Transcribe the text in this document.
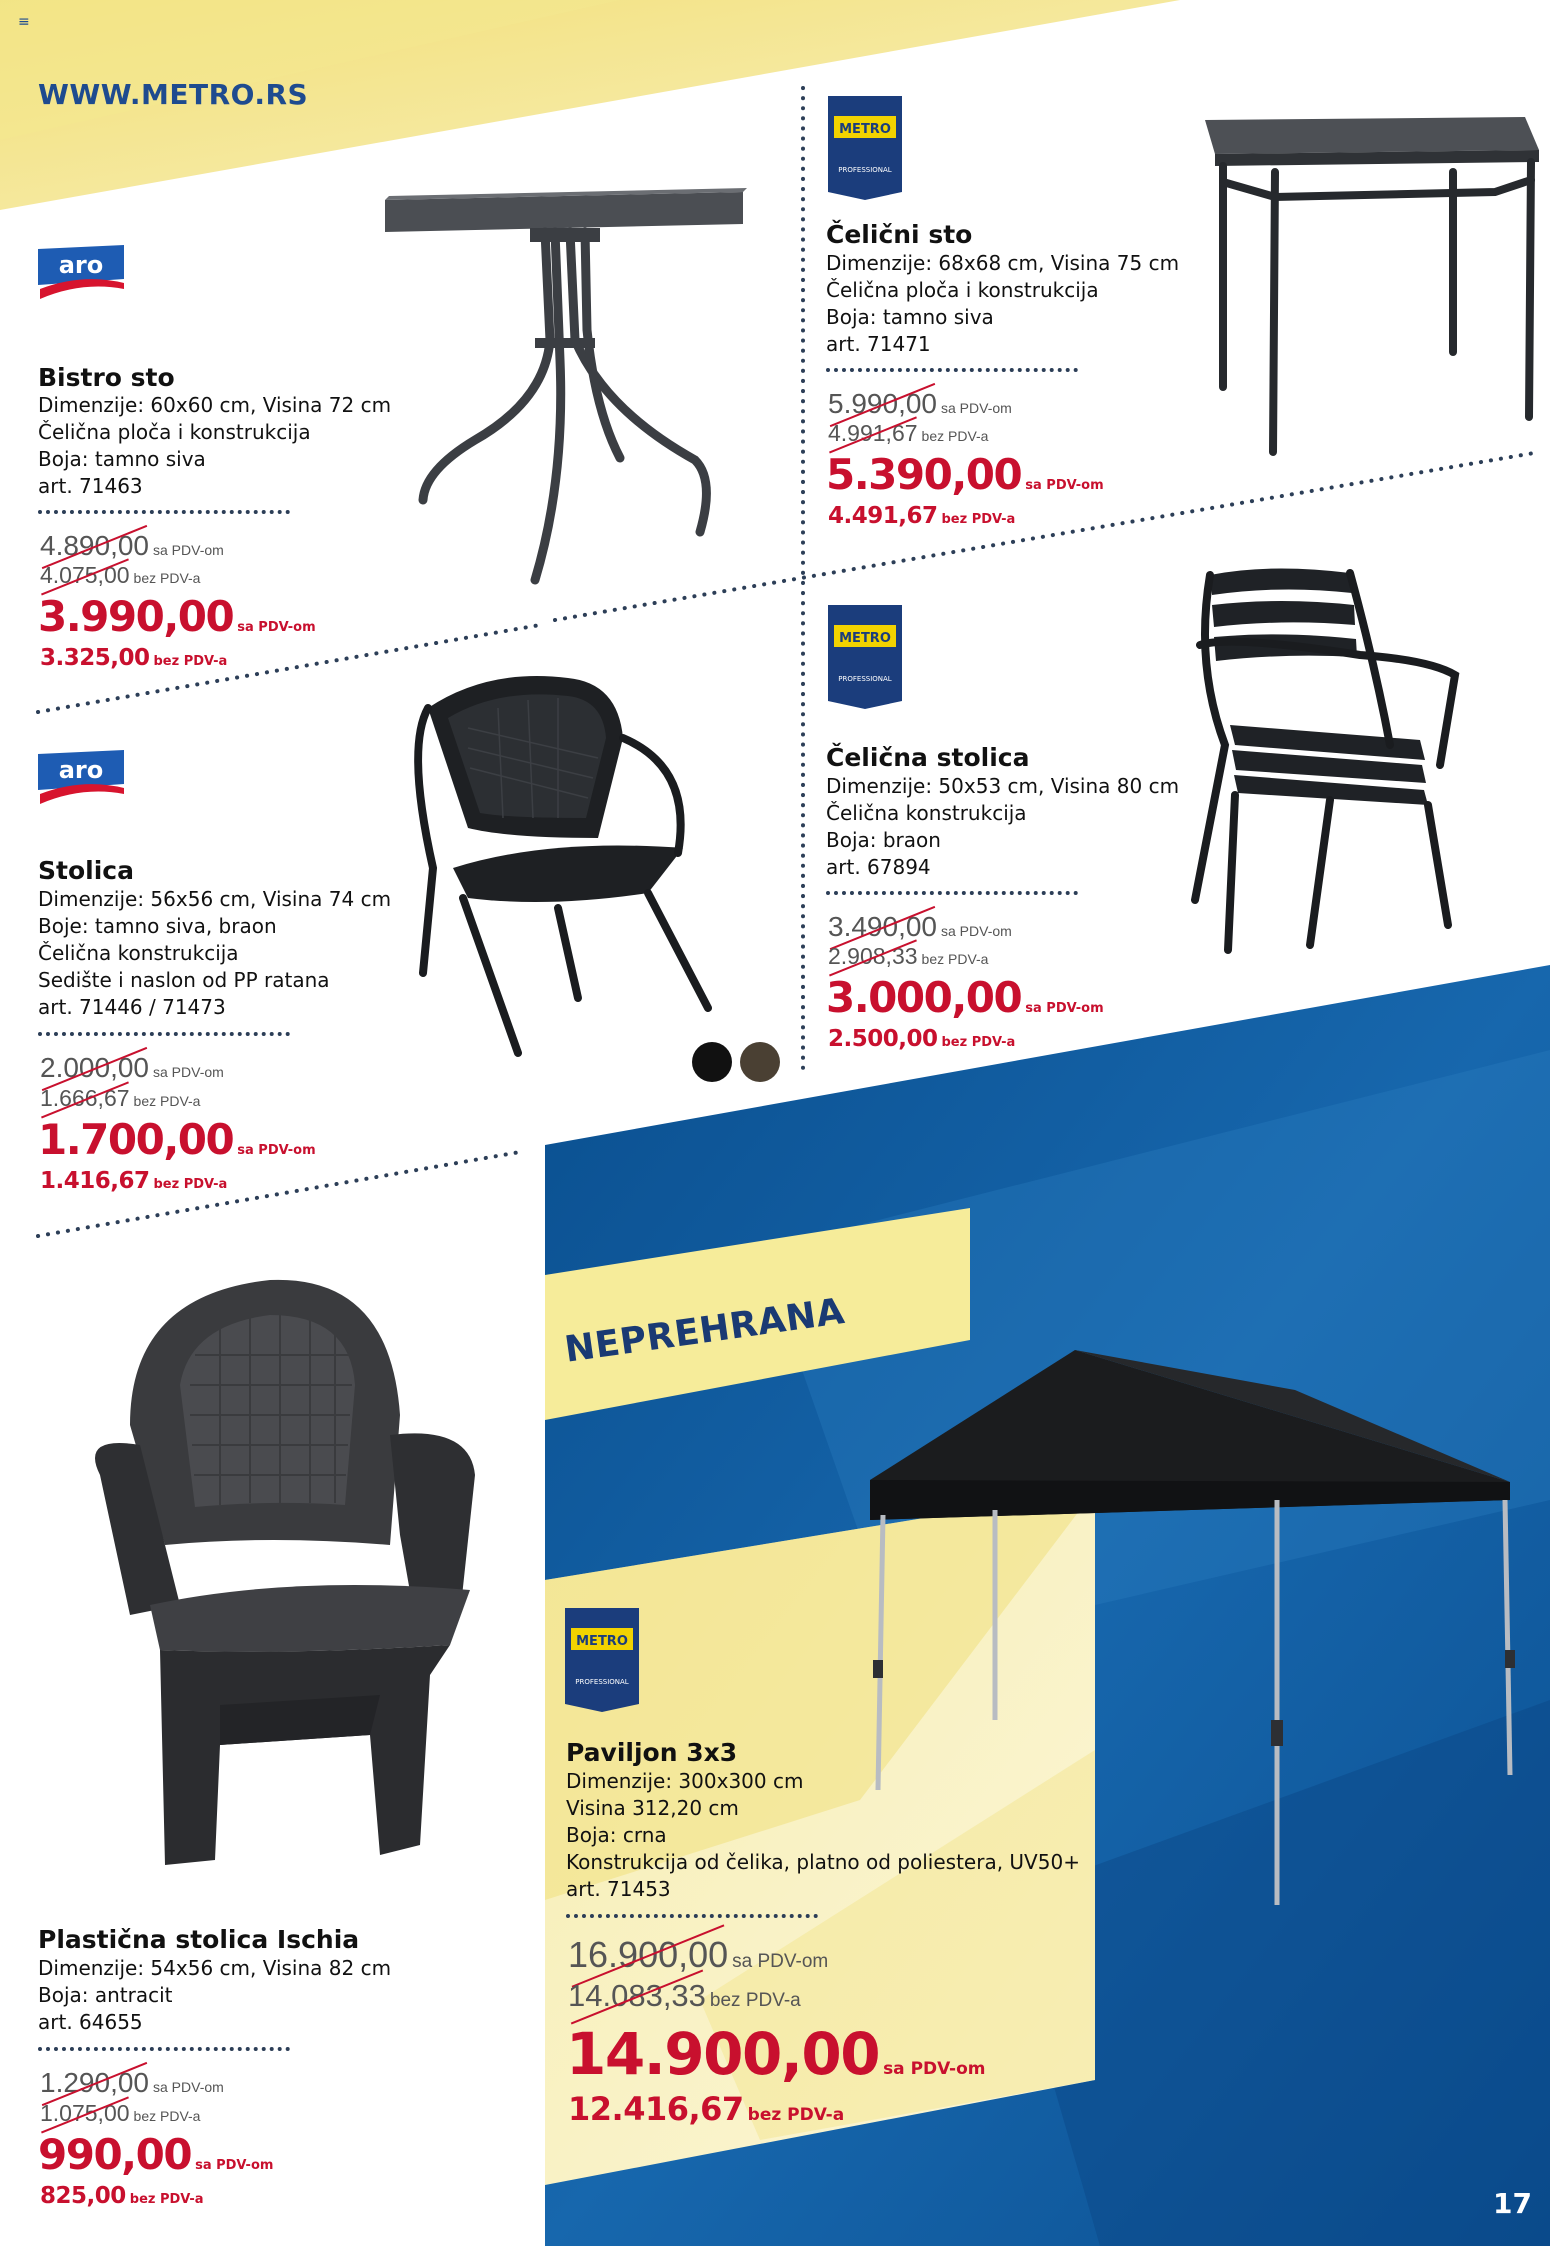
≡
WWW.METRO.RS
aro
Bistro sto
Dimenzije: 60x60 cm, Visina 72 cm
Čelična ploča i konstrukcija
Boja: tamno siva
art. 71463
4.890,00 sa PDV-om
4.075,00 bez PDV-a
3.990,00 sa PDV-om
3.325,00 bez PDV-a
METRO
PROFESSIONAL
Čelični sto
Dimenzije: 68x68 cm, Visina 75 cm
Čelična ploča i konstrukcija
Boja: tamno siva
art. 71471
5.990,00 sa PDV-om
4.991,67 bez PDV-a
5.390,00 sa PDV-om
4.491,67 bez PDV-a
aro
Stolica
Dimenzije: 56x56 cm, Visina 74 cm
Boje: tamno siva, braon
Čelična konstrukcija
Sedište i naslon od PP ratana
art. 71446 / 71473
2.000,00 sa PDV-om
1.666,67 bez PDV-a
1.700,00 sa PDV-om
1.416,67 bez PDV-a
METRO
PROFESSIONAL
Čelična stolica
Dimenzije: 50x53 cm, Visina 80 cm
Čelična konstrukcija
Boja: braon
art. 67894
3.490,00 sa PDV-om
2.908,33 bez PDV-a
3.000,00 sa PDV-om
2.500,00 bez PDV-a
NEPREHRANA
Plastična stolica Ischia
Dimenzije: 54x56 cm, Visina 82 cm
Boja: antracit
art. 64655
1.290,00 sa PDV-om
1.075,00 bez PDV-a
990,00 sa PDV-om
825,00 bez PDV-a
METRO
PROFESSIONAL
Paviljon 3x3
Dimenzije: 300x300 cm
Visina 312,20 cm
Boja: crna
Konstrukcija od čelika, platno od poliestera, UV50+
art. 71453
16.900,00 sa PDV-om
14.083,33 bez PDV-a
14.900,00 sa PDV-om
12.416,67 bez PDV-a
17
